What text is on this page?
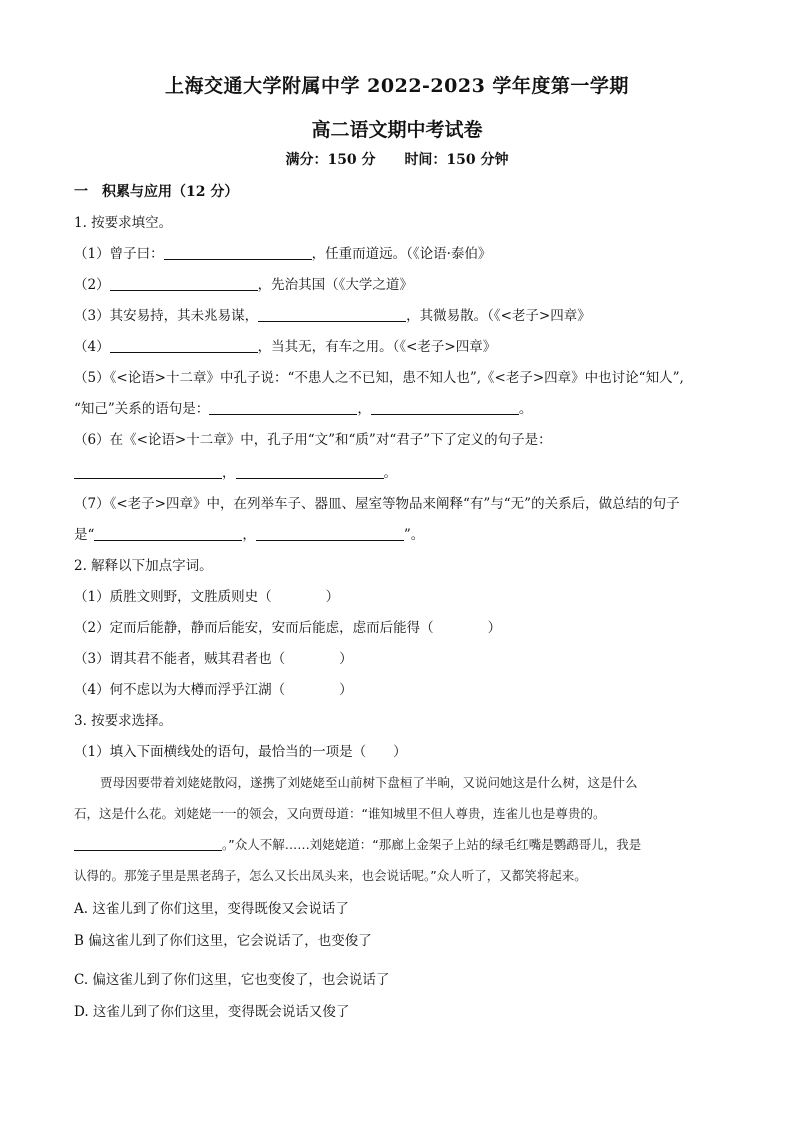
上海交通大学附属中学 2022-2023 学年度第一学期
高二语文期中考试卷
满分：150 分 时间：150 分钟
一　积累与应用（12 分）
1. 按要求填空。
（1）曾子曰：	，任重而道远。（《论语·泰伯》
（2）	，先治其国（《大学之道》
（3）其安易持，其未兆易谋，	，其微易散。（《<老子>四章》
（4）	，当其无，有车之用。（《<老子>四章》
（5）《<论语>十二章》中孔子说：“不患人之不已知，患不知人也”,《<老子>四章》中也讨论“知人”,
“知己”关系的语句是：	，	。
（6）在《<论语>十二章》中，孔子用“文”和“质”对“君子”下了定义的句子是：
，	。
（7）《<老子>四章》中，在列举车子、器皿、屋室等物品来阐释“有”与“无”的关系后，做总结的句子
是“	，	”。
2. 解释以下加点字词。
（1）质胜文则野，文胜质则史（　　　　）
（2）定而后能静，静而后能安，安而后能虑，虑而后能得（　　　　）
（3）谓其君不能者，贼其君者也（　　　　）
（4）何不虑以为大樽而浮乎江湖（　　　　）
3. 按要求选择。
（1）填入下面横线处的语句，最恰当的一项是（　　）
贾母因要带着刘姥姥散闷，遂携了刘姥姥至山前树下盘桓了半晌，又说问她这是什么树，这是什么
石，这是什么花。刘姥姥一一的领会，又向贾母道：“谁知城里不但人尊贵，连雀儿也是尊贵的。
。”众人不解……刘姥姥道：“那廊上金架子上站的绿毛红嘴是鹦鹉哥儿，我是
认得的。那笼子里是黑老鸹子，怎么又长出凤头来，也会说话呢。”众人听了，又都笑将起来。
A. 这雀儿到了你们这里，变得既俊又会说话了
B 偏这雀儿到了你们这里，它会说话了，也变俊了
C. 偏这雀儿到了你们这里，它也变俊了，也会说话了
D. 这雀儿到了你们这里，变得既会说话又俊了
